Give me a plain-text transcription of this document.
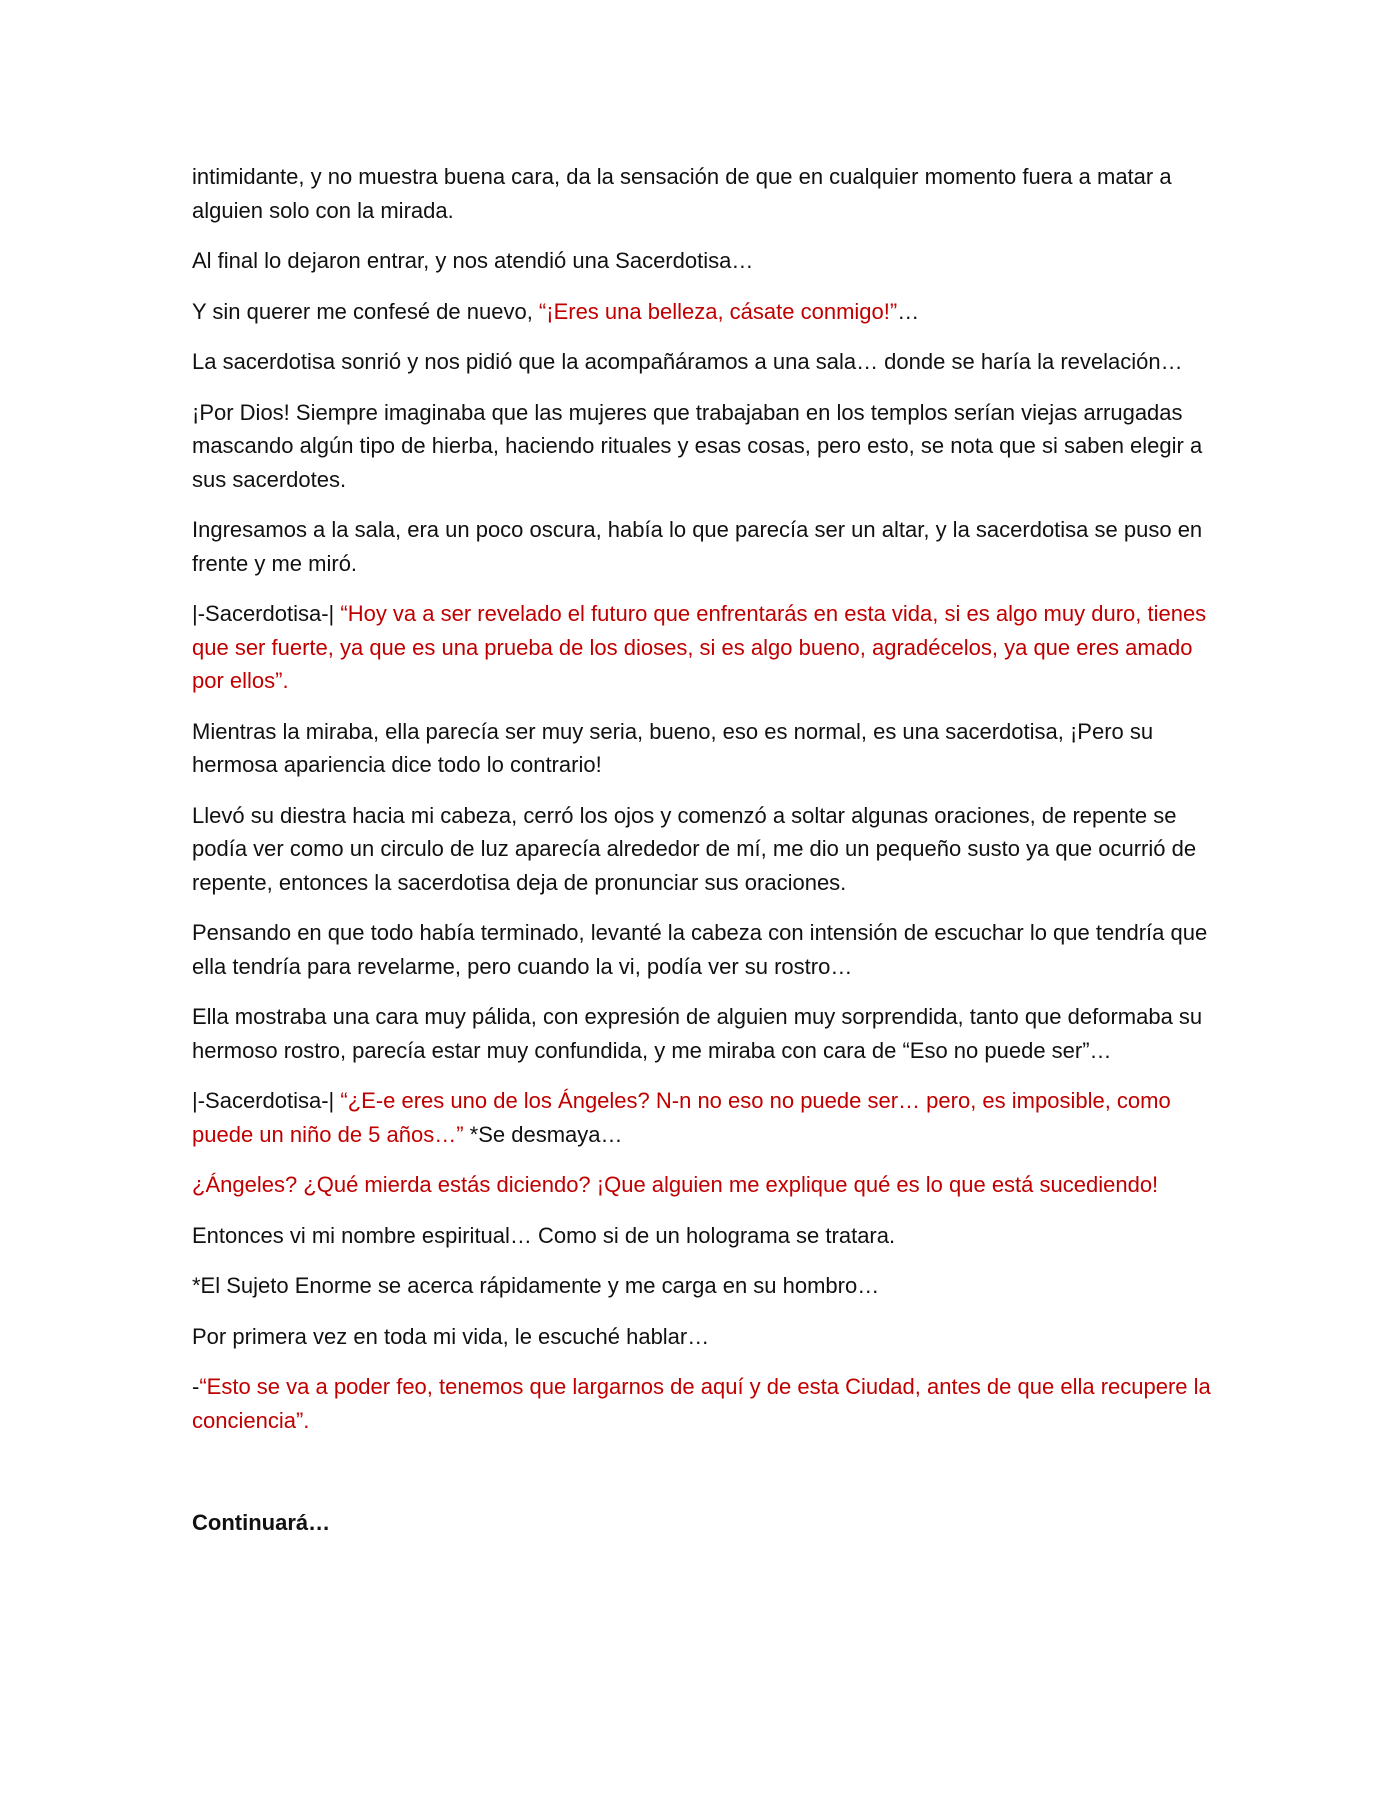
intimidante, y no muestra buena cara, da la sensación de que en cualquier momento fuera a matar a alguien solo con la mirada.

Al final lo dejaron entrar, y nos atendió una Sacerdotisa…

Y sin querer me confesé de nuevo, “¡Eres una belleza, cásate conmigo!”…

La sacerdotisa sonrió y nos pidió que la acompañáramos a una sala… donde se haría la revelación…

¡Por Dios! Siempre imaginaba que las mujeres que trabajaban en los templos serían viejas arrugadas mascando algún tipo de hierba, haciendo rituales y esas cosas, pero esto, se nota que si saben elegir a sus sacerdotes.

Ingresamos a la sala, era un poco oscura, había lo que parecía ser un altar, y la sacerdotisa se puso en frente y me miró.

|-Sacerdotisa-| “Hoy va a ser revelado el futuro que enfrentarás en esta vida, si es algo muy duro, tienes que ser fuerte, ya que es una prueba de los dioses, si es algo bueno, agradécelos, ya que eres amado por ellos”.

Mientras la miraba, ella parecía ser muy seria, bueno, eso es normal, es una sacerdotisa, ¡Pero su hermosa apariencia dice todo lo contrario!

Llevó su diestra hacia mi cabeza, cerró los ojos y comenzó a soltar algunas oraciones, de repente se podía ver como un circulo de luz aparecía alrededor de mí, me dio un pequeño susto ya que ocurrió de repente, entonces la sacerdotisa deja de pronunciar sus oraciones.

Pensando en que todo había terminado, levanté la cabeza con intensión de escuchar lo que tendría que ella tendría para revelarme, pero cuando la vi, podía ver su rostro…

Ella mostraba una cara muy pálida, con expresión de alguien muy sorprendida, tanto que deformaba su hermoso rostro, parecía estar muy confundida, y me miraba con cara de “Eso no puede ser”…

|-Sacerdotisa-| “¿E-e eres uno de los Ángeles? N-n no eso no puede ser… pero, es imposible, como puede un niño de 5 años…” *Se desmaya…

¿Ángeles? ¿Qué mierda estás diciendo? ¡Que alguien me explique qué es lo que está sucediendo!

Entonces vi mi nombre espiritual… Como si de un holograma se tratara.

*El Sujeto Enorme se acerca rápidamente y me carga en su hombro…

Por primera vez en toda mi vida, le escuché hablar…

-“Esto se va a poder feo, tenemos que largarnos de aquí y de esta Ciudad, antes de que ella recupere la conciencia”.

Continuará…
